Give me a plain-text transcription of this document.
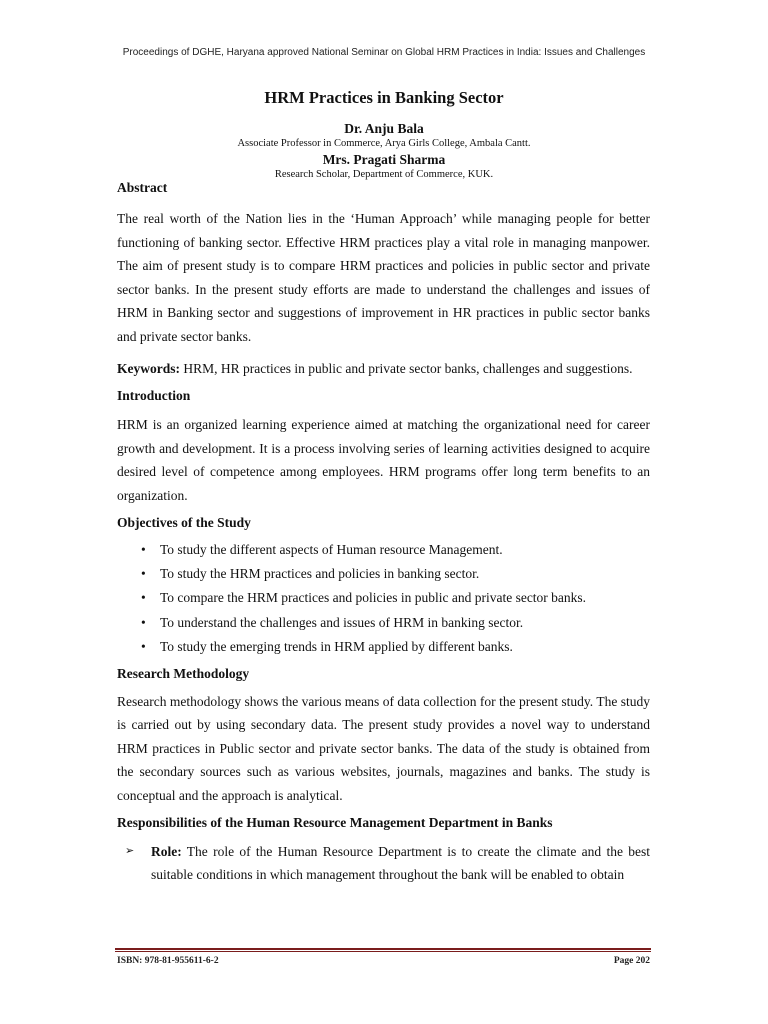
Proceedings of DGHE, Haryana approved National Seminar on Global HRM Practices in India: Issues and Challenges
HRM Practices in Banking Sector
Dr. Anju Bala
Associate Professor in Commerce, Arya Girls College, Ambala Cantt.
Mrs. Pragati Sharma
Research Scholar, Department of Commerce, KUK.
Abstract

The real worth of the Nation lies in the ‘Human Approach’ while managing people for better functioning of banking sector. Effective HRM practices play a vital role in managing manpower. The aim of present study is to compare HRM practices and policies in public sector and private sector banks. In the present study efforts are made to understand the challenges and issues of HRM in Banking sector and suggestions of improvement in HR practices in public sector banks and private sector banks.

Keywords: HRM, HR practices in public and private sector banks, challenges and suggestions.

Introduction

HRM is an organized learning experience aimed at matching the organizational need for career growth and development. It is a process involving series of learning activities designed to acquire desired level of competence among employees. HRM programs offer long term benefits to an organization.

Objectives of the Study
• To study the different aspects of Human resource Management.
• To study the HRM practices and policies in banking sector.
• To compare the HRM practices and policies in public and private sector banks.
• To understand the challenges and issues of HRM in banking sector.
• To study the emerging trends in HRM applied by different banks.
Research Methodology

Research methodology shows the various means of data collection for the present study. The study is carried out by using secondary data. The present study provides a novel way to understand HRM practices in Public sector and private sector banks. The data of the study is obtained from the secondary sources such as various websites, journals, magazines and banks. The study is conceptual and the approach is analytical.

Responsibilities of the Human Resource Management Department in Banks

➢ Role: The role of the Human Resource Department is to create the climate and the best suitable conditions in which management throughout the bank will be enabled to obtain

ISBN: 978-81-955611-6-2	Page 202
